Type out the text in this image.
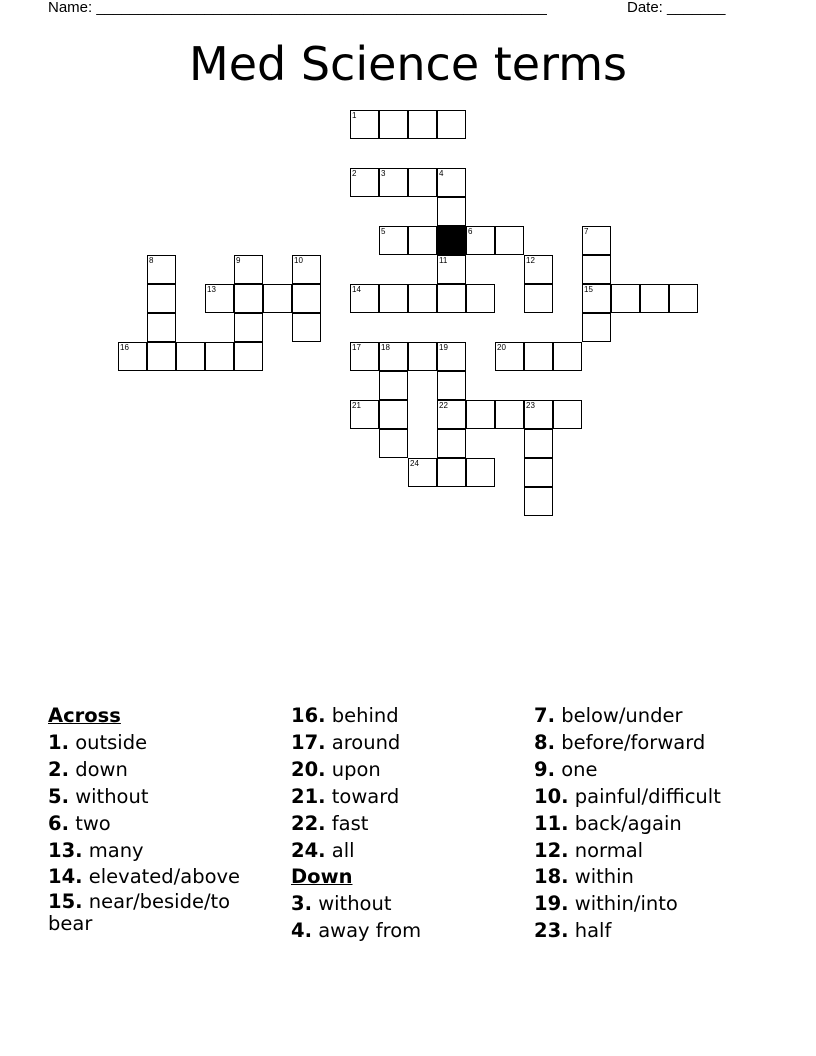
Name: ______________________________________________________	Date: _______
Med Science terms
1
2	3	4
5	6	7
8	9	10	11	12
13	14	15
16	17	18	19	20
21	22	23
24

Across

1. outside

2. down

5. without

6. two

13. many

14. elevated/above

15. near/beside/to bear

16. behind

17. around

20. upon

21. toward

22. fast

24. all

Down

3. without

4. away from

7. below/under

8. before/forward

9. one

10. painful/difficult

11. back/again

12. normal

18. within

19. within/into

23. half
